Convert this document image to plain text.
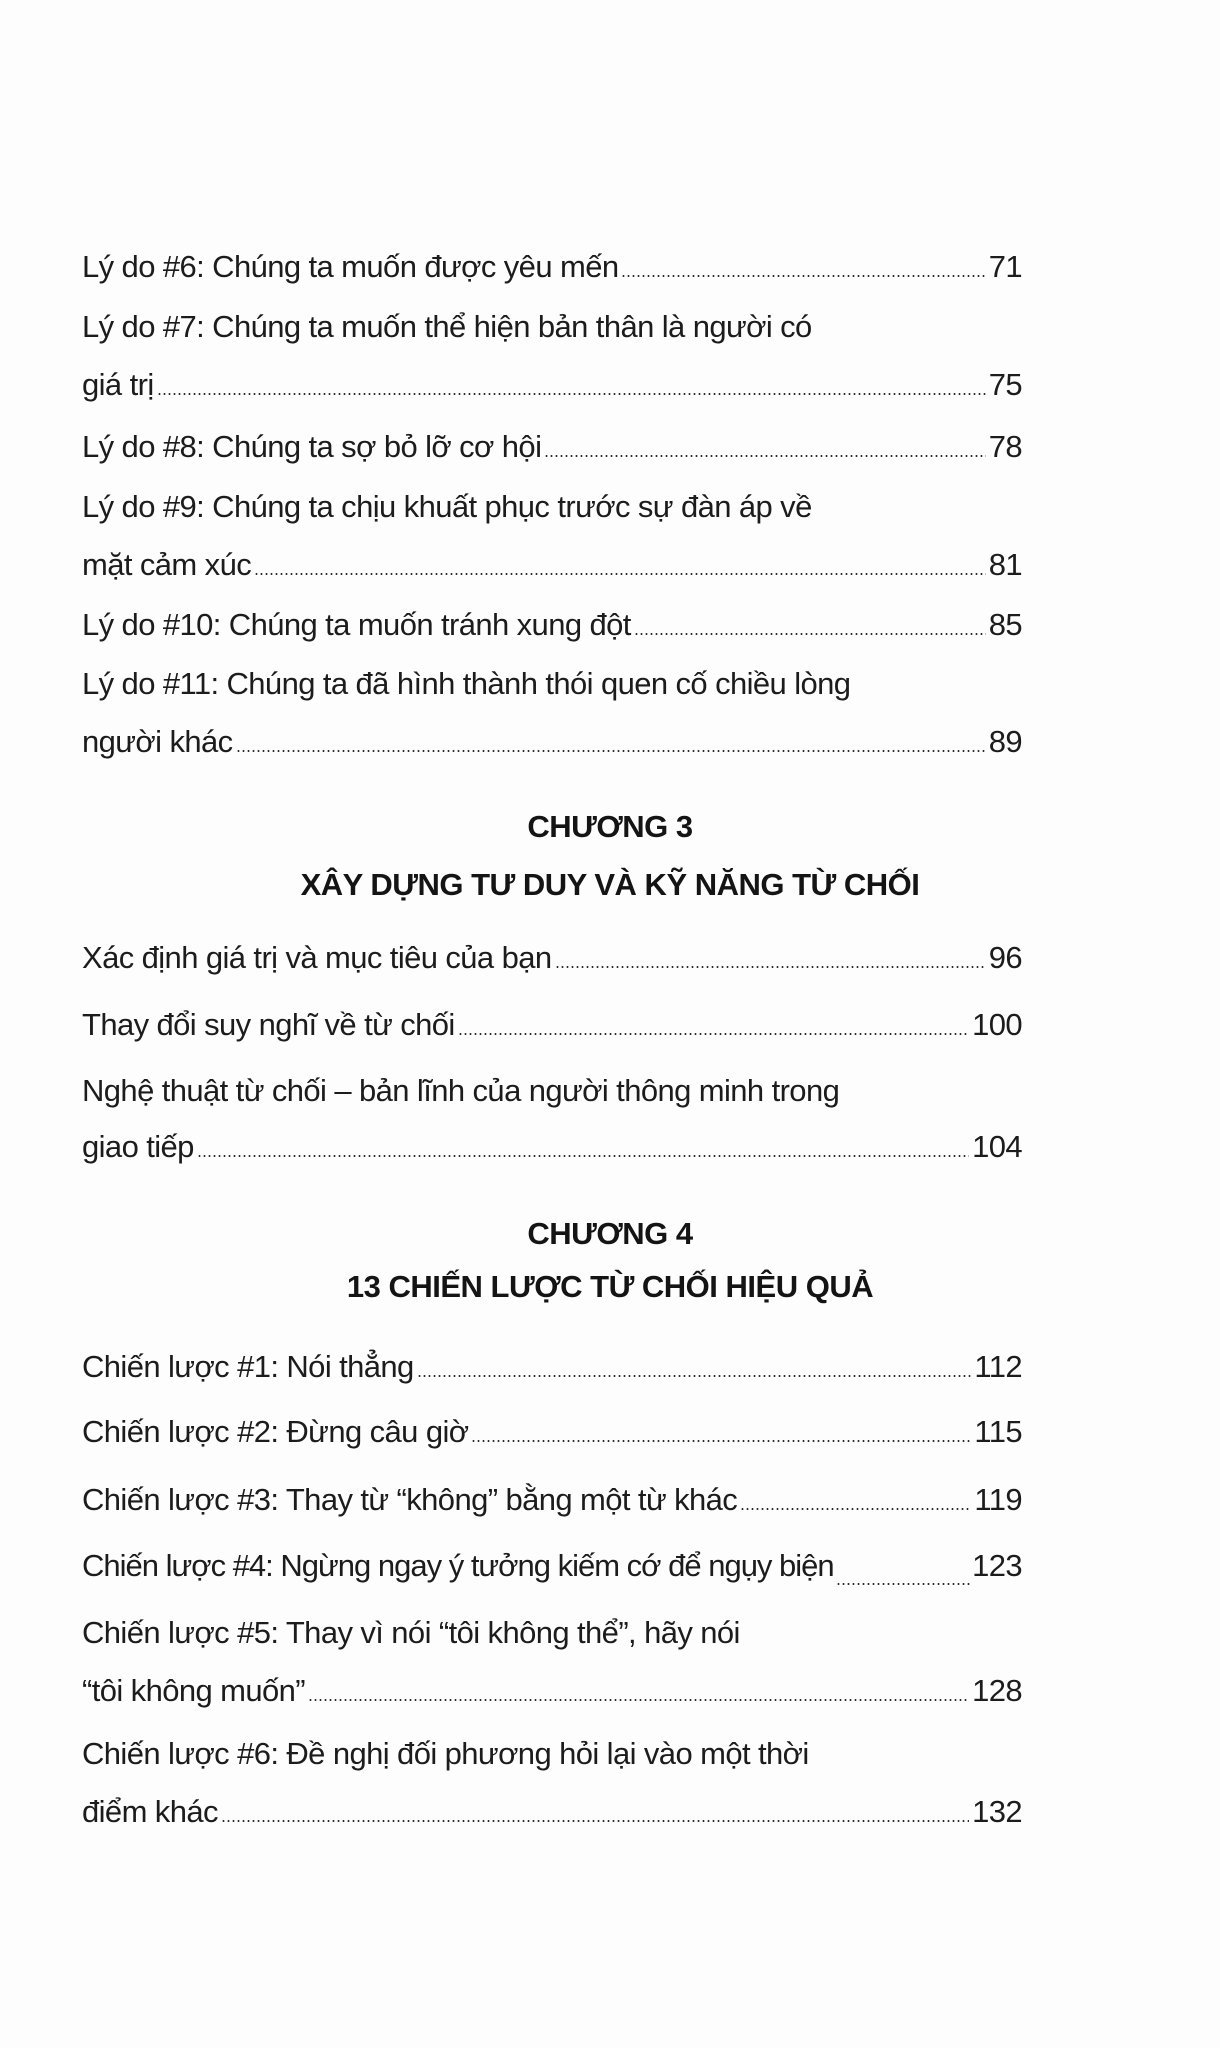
Lý do #6: Chúng ta muốn được yêu mến	71
Lý do #7: Chúng ta muốn thể hiện bản thân là người có
giá trị	75
Lý do #8: Chúng ta sợ bỏ lỡ cơ hội	78
Lý do #9: Chúng ta chịu khuất phục trước sự đàn áp về
mặt cảm xúc	81
Lý do #10: Chúng ta muốn tránh xung đột	85
Lý do #11: Chúng ta đã hình thành thói quen cố chiều lòng
người khác	89
CHƯƠNG 3
XÂY DỰNG TƯ DUY VÀ KỸ NĂNG TỪ CHỐI
Xác định giá trị và mục tiêu của bạn	96
Thay đổi suy nghĩ về từ chối	100
Nghệ thuật từ chối – bản lĩnh của người thông minh trong
giao tiếp	104
CHƯƠNG 4
13 CHIẾN LƯỢC TỪ CHỐI HIỆU QUẢ
Chiến lược #1: Nói thẳng	112
Chiến lược #2: Đừng câu giờ	115
Chiến lược #3: Thay từ “không” bằng một từ khác	119
Chiến lược #4: Ngừng ngay ý tưởng kiếm cớ để ngụy biện	123
Chiến lược #5: Thay vì nói “tôi không thể”, hãy nói
“tôi không muốn”	128
Chiến lược #6: Đề nghị đối phương hỏi lại vào một thời
điểm khác	132
